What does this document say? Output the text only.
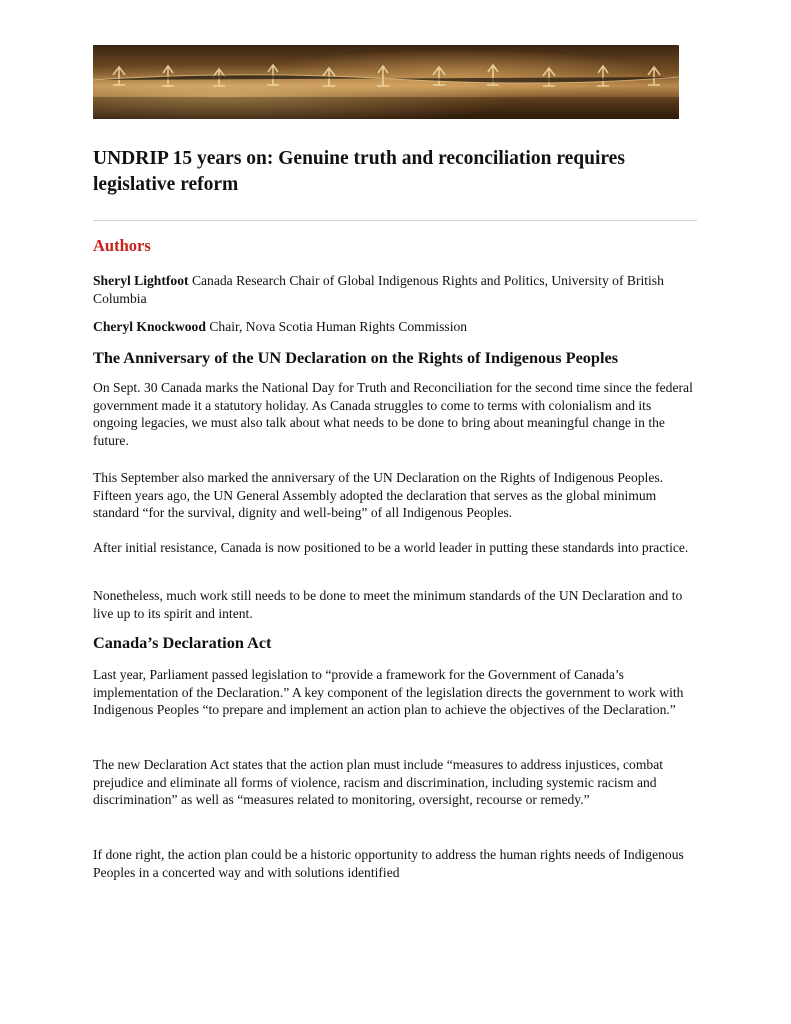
UNDRIP 15 years on: Genuine truth and reconciliation requires legislative reform
Authors

Sheryl Lightfoot Canada Research Chair of Global Indigenous Rights and Politics, University of British Columbia

Cheryl Knockwood Chair, Nova Scotia Human Rights Commission

The Anniversary of the UN Declaration on the Rights of Indigenous Peoples

On Sept. 30 Canada marks the National Day for Truth and Reconciliation for the second time since the federal government made it a statutory holiday. As Canada struggles to come to terms with colonialism and its ongoing legacies, we must also talk about what needs to be done to bring about meaningful change in the future.

This September also marked the anniversary of the UN Declaration on the Rights of Indigenous Peoples. Fifteen years ago, the UN General Assembly adopted the declaration that serves as the global minimum standard “for the survival, dignity and well-being” of all Indigenous Peoples.

After initial resistance, Canada is now positioned to be a world leader in putting these standards into practice.

Nonetheless, much work still needs to be done to meet the minimum standards of the UN Declaration and to live up to its spirit and intent.

Canada’s Declaration Act

Last year, Parliament passed legislation to “provide a framework for the Government of Canada’s implementation of the Declaration.” A key component of the legislation directs the government to work with Indigenous Peoples “to prepare and implement an action plan to achieve the objectives of the Declaration.”

The new Declaration Act states that the action plan must include “measures to address injustices, combat prejudice and eliminate all forms of violence, racism and discrimination, including systemic racism and discrimination” as well as “measures related to monitoring, oversight, recourse or remedy.”

If done right, the action plan could be a historic opportunity to address the human rights needs of Indigenous Peoples in a concerted way and with solutions identified
